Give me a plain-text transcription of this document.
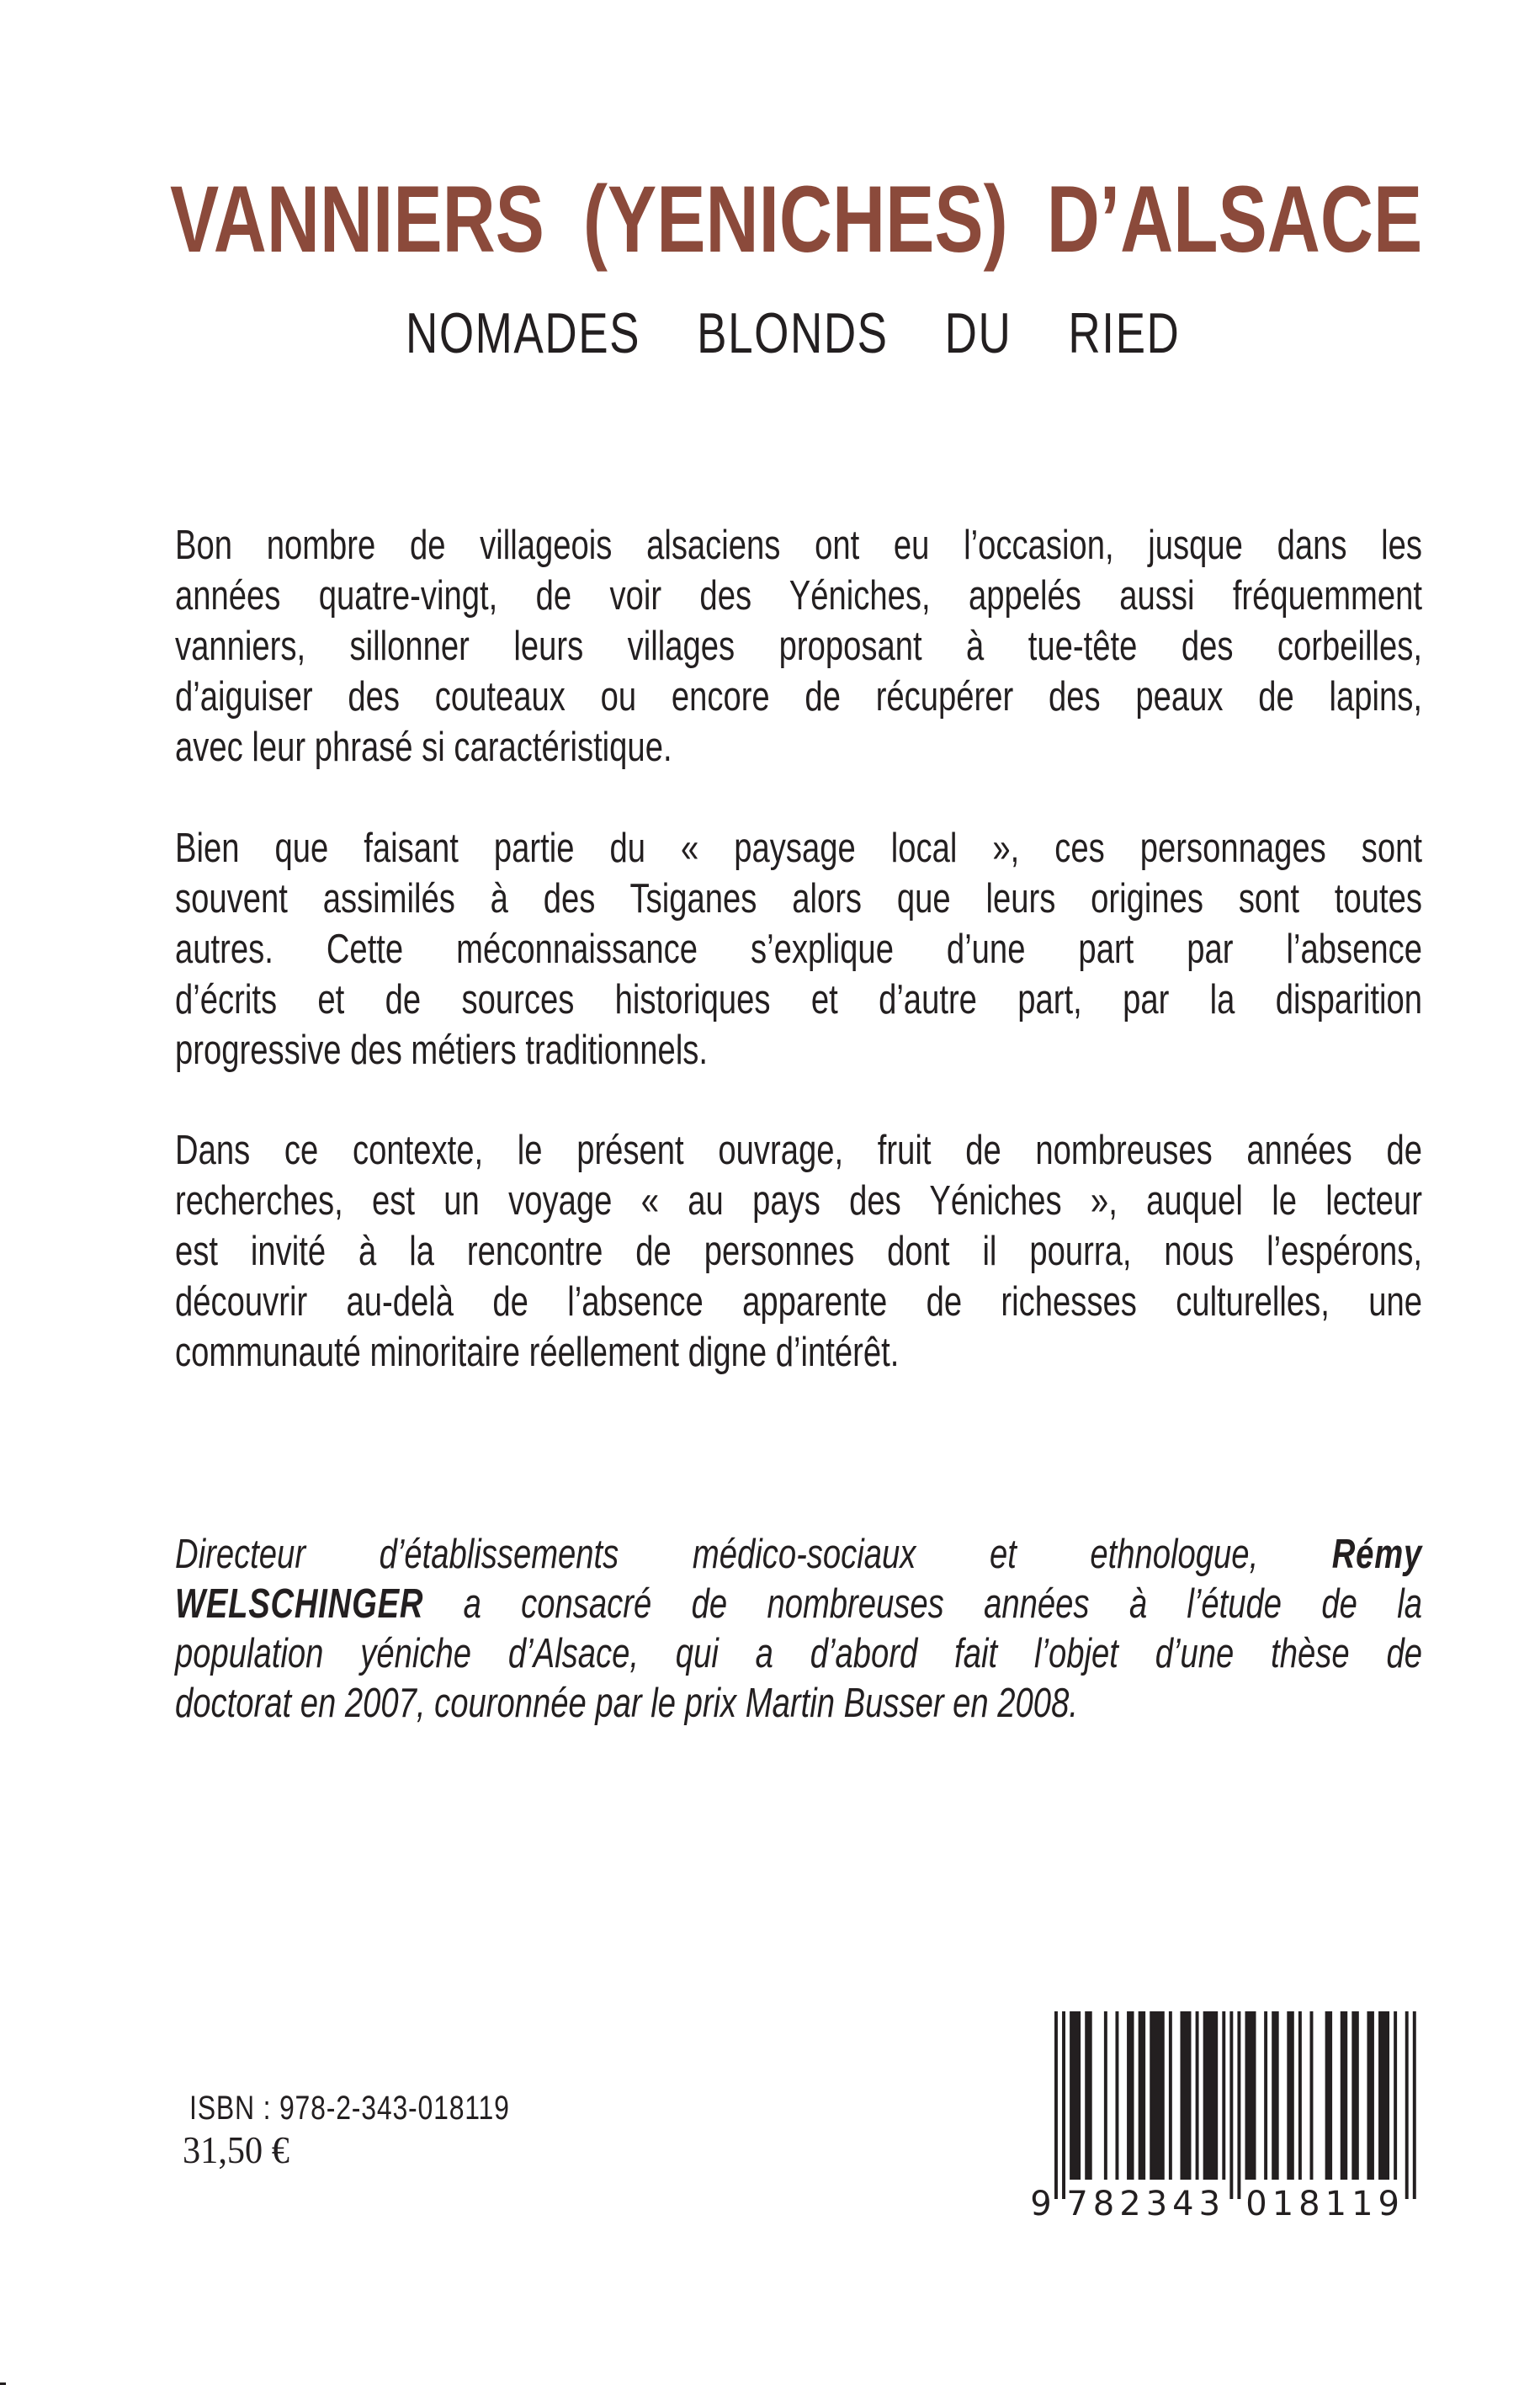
VANNIERS (YENICHES) D’ALSACE
NOMADES BLONDS DU RIED
Bon nombre de villageois alsaciens ont eu l’occasion, jusque dans les
années quatre-vingt, de voir des Yéniches, appelés aussi fréquemment
vanniers, sillonner leurs villages proposant à tue-tête des corbeilles,
d’aiguiser des couteaux ou encore de récupérer des peaux de lapins,
avec leur phrasé si caractéristique.
Bien que faisant partie du « paysage local », ces personnages sont
souvent assimilés à des Tsiganes alors que leurs origines sont toutes
autres. Cette méconnaissance s’explique d’une part par l’absence
d’écrits et de sources historiques et d’autre part, par la disparition
progressive des métiers traditionnels.
Dans ce contexte, le présent ouvrage, fruit de nombreuses années de
recherches, est un voyage « au pays des Yéniches », auquel le lecteur
est invité à la rencontre de personnes dont il pourra, nous l’espérons,
découvrir au-delà de l’absence apparente de richesses culturelles, une
communauté minoritaire réellement digne d’intérêt.
Directeur d’établissements médico-sociaux et ethnologue, Rémy
WELSCHINGER a consacré de nombreuses années à l’étude de la
population yéniche d’Alsace, qui a d’abord fait l’objet d’une thèse de
doctorat en 2007, couronnée par le prix Martin Busser en 2008.
ISBN : 978-2-343-018119
31,50 €
9 782343 018119
